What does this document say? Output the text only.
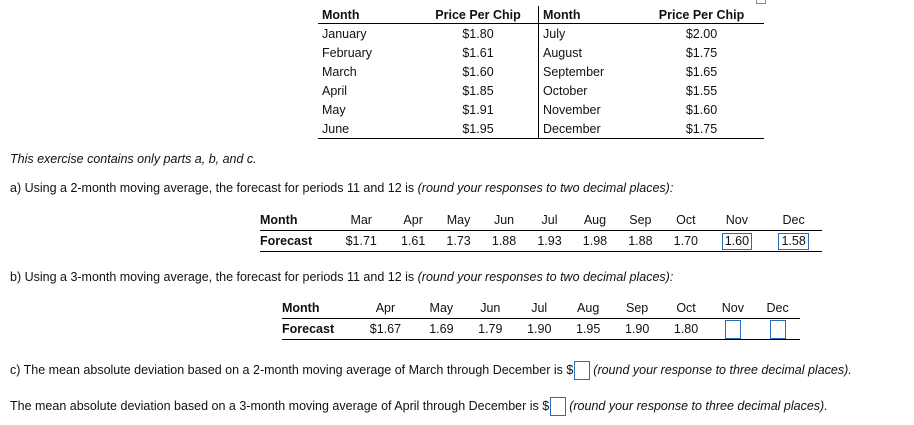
Month	Price Per Chip	Month	Price Per Chip
January	$1.80	July	$2.00
February	$1.61	August	$1.75
March	$1.60	September	$1.65
April	$1.85	October	$1.55
May	$1.91	November	$1.60
June	$1.95	December	$1.75
This exercise contains only parts a, b, and c.
a) Using a 2-month moving average, the forecast for periods 11 and 12 is (round your responses to two decimal places):
Month	Mar	Apr	May	Jun	Jul	Aug	Sep	Oct	Nov	Dec
Forecast	$1.71	1.61	1.73	1.88	1.93	1.98	1.88	1.70	1.60	1.58
b) Using a 3-month moving average, the forecast for periods 11 and 12 is (round your responses to two decimal places):
Month	Apr	May	Jun	Jul	Aug	Sep	Oct	Nov	Dec
Forecast	$1.67	1.69	1.79	1.90	1.95	1.90	1.80		
c) The mean absolute deviation based on a 2-month moving average of March through December is $ (round your response to three decimal places).
The mean absolute deviation based on a 3-month moving average of April through December is $ (round your response to three decimal places).
